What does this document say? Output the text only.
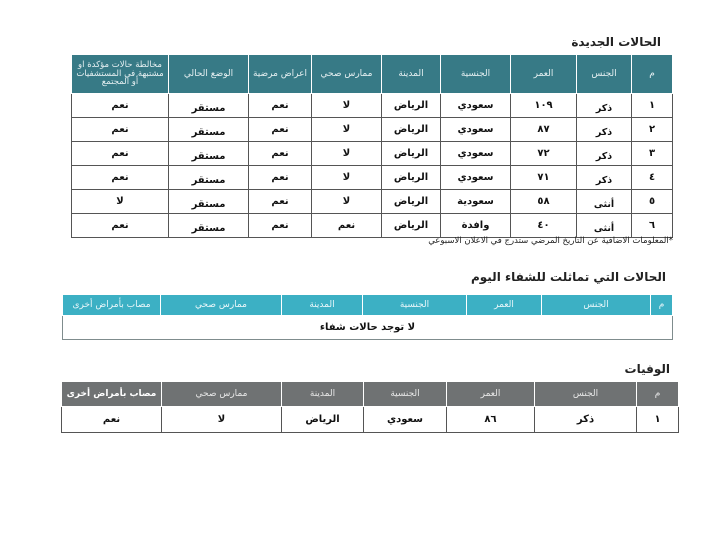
الحالات الجديدة
م	الجنس	العمر	الجنسية	المدينة	ممارس صحي	اعراض مرضية	الوضع الحالي	مخالطة حالات مؤكدة او مشتبهة في المستشفيات أو المجتمع
١	ذكر	١٠٩	سعودي	الرياض	لا	نعم	مستقر	نعم
٢	ذكر	٨٧	سعودي	الرياض	لا	نعم	مستقر	نعم
٣	ذكر	٧٢	سعودي	الرياض	لا	نعم	مستقر	نعم
٤	ذكر	٧١	سعودي	الرياض	لا	نعم	مستقر	نعم
٥	أنثى	٥٨	سعودية	الرياض	لا	نعم	مستقر	لا
٦	أنثى	٤٠	وافدة	الرياض	نعم	نعم	مستقر	نعم
*المعلومات الاضافية عن التاريخ المرضي ستدرج في الاعلان الاسبوعي
الحالات التي تماثلت للشفاء اليوم
م	الجنس	العمر	الجنسية	المدينة	ممارس صحي	مصاب بأمراض أخرى
لا توجد حالات شفاء
الوفيات
م	الجنس	العمر	الجنسية	المدينة	ممارس صحي	مصاب بأمراض أخرى
١	ذكر	٨٦	سعودي	الرياض	لا	نعم
